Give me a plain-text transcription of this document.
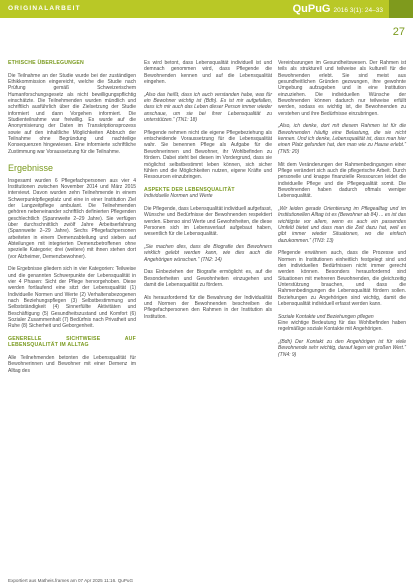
ORIGINALARBEIT	QuPuG 2016 3(1): 24–33
27

ETHISCHE ÜBERLEGUNGEN

Die Teilnahme an der Studie wurde bei der zuständigen Ethikkommission eingereicht, welche die Studie nach Prüfung gemäß Schweizerischem Humanforschungsgesetz als nicht bewilligungspflichtig einschätzte. Die Teilnehmenden wurden mündlich und schriftlich ausführlich über die Zielsetzung der Studie informiert und dann Vorgehen informiert. Die Studienteilnahme war freiwillig. Es wurde auf die Anonymisierung der Daten im Transkriptionsprozess sowie auf den inhaltliche Möglichkeiten Abbruch der Teilnahme ohne Begründung und nachteilige Konsequenzen hingewiesen. Eine informierte schriftliche Zustimmung war Voraussetzung für die Teilnahme.

Ergebnisse

Insgesamt wurden 6 Pflegefachpersonen aus vier 4 Institutionen zwischen November 2014 und März 2015 interviewt. Davon wurden zehn Teilnehmende in einem Schwerpunktpflegeplatz und eine in einer Institution Ziel der Langzeitpflege ambulant. Die Teilnehmenden gehören nebeneinander schriftlich definierten Pflegenden geschlechtlich (Spannweite 2–29 Jahre). Sie verfügen über durchschnittlich zwölf Jahre Arbeitserfahrung (Spannweite 2–29 Jahre). Sechs Pflegefachpersonen arbeiteten in einem Demenzabteilung und sieben auf Abteilungen mit integrierten Demenzbetroffenen ohne spezielle Kategorie; drei (weitere) mit ihnen stehen dort (vor Alzheimer, Demenzbewohner).

Die Ergebnisse gliedern sich in vier Kategorien: Teilweise und die genannten Schwerpunkte der Lebensqualität in vier 4 Phasen: Sicht der Pflege hervorgehoben. Diese werden fortlaufend eine sitzt der Lebensqualität (1) Individuelle Normen und Werte (2) Verhaltensbezogenen nach Beziehungspflegen (3) Selbstbestimmung und Selbstständigkeit (4) Sinnerfüllte Aktivitäten und Beschäftigung (5) Gesundheitszustand und Komfort (6) Sozialer Zusammenhalt (7) Bedürfnis nach Privatheit und Ruhe (8) Sicherheit und Geborgenheit.

GENERELLE SICHTWEISE AUF LEBENSQUALITÄT IM ALLTAG

Alle Teilnehmenden betonten die Lebensqualität für Bewohnerinnen und Bewohner mit einer Demenz im Alltag des

Es wird betont, dass Lebensqualität individuell ist und demnach genommen wird, dass Pflegende die Bewohnenden kennen und auf die Lebensqualität eingehen.

„Also das heißt, dass ich auch verstanden habe, was für ein Bewohner wichtig ist (Bdh). Es ist mir aufgefallen, dass ich mir auch das Leben dieser Person immer wieder anschaue, um sie bei ihrer Lebensqualität zu unterstützen.“ (TN1: 18)

Pflegende nehmen nicht die eigene Pflegebeziehung als entscheidende Voraussetzung für die Lebensqualität wahr. Sie benennen Pflege als Aufgabe für die Bewohnerinnen und Bewohner, ihr Wohlbefinden zu fördern. Dabei steht bei diesen im Vordergrund, dass sie möglichst selbstbestimmt leben können, sich sicher fühlen und die Möglichkeiten nutzen, eigene Kräfte und Ressourcen einzubringen.

ASPEKTE DER LEBENSQUALITÄT

Individuelle Normen und Werte

Die Pflegende, dass Lebensqualität individuell aufgefasst, Wünsche und Bedürfnisse der Bewohnenden respektiert werden. Ebenso sind Werte und Gewohnheiten, die diese Personen sich im Lebensverlauf aufgebaut haben, wesentlich für die Lebensqualität.

„Sie machen dies, dass die Biografie des Bewohners wirklich gelebt werden kann, wie dies auch die Angehörigen wünschen.“ (TN2: 14)

Das Einbeziehen der Biografie ermöglicht es, auf die Besonderheiten und Gewohnheiten einzugehen und damit die Lebensqualität zu fördern.

Als herausfordernd für die Bewahrung der Individualität und Normen der Bewohnenden beschreiben die Pflegefachpersonen den Rahmen in der Institution als Institution.

Vereinbarungen im Gesundheitswesen. Der Rahmen ist teils als strukturell und teilweise als kulturell für die Bewohnenden erlebt. Sie sind meist aus gesundheitlichen Gründen gezwungen, ihre gewohnte Umgebung aufzugeben und in eine Institution einzuziehen. Die individuellen Wünsche der Bewohnenden können dadurch nur teilweise erfüllt werden, sodass es wichtig ist, die Bewohnenden zu verstehen und ihre Bedürfnisse einzubringen.

„Also, ich denke, dort mit diesem Rahmen ist für die Bewohnenden häufig eine Belastung, die sie nicht kennen. Und ich denke, Lebensqualität ist, dass man hier einen Platz gefunden hat, den man wie zu Hause erlebt.“ (TN5: 20)

Mit dem Veränderungen der Rahmenbedingungen einer Pflege verändert sich auch die pflegerische Arbeit. Durch personelle und knappe finanzielle Ressourcen leidet die individuelle Pflege und die Pflegequalität somit. Die Bewohnenden haben dadurch oftmals weniger Lebensqualität.

„Wir leiden gerade Orientierung im Pflegealltag und im Institutionellen Alltag ist es (Bewohner ab 84) ... es ist das wichtigste vor allem, wenn es auch ein passendes Umfeld bietet und dass man die Zeit dazu hat, weil es gibt immer wieder Situationen, wo die einfach dazukommen.“ (TN3: 13)

Pflegende erwähnen auch, dass die Prozesse und Normen in Institutionen einheitlich festgelegt sind und den individuellen Bedürfnissen nicht immer gerecht werden können. Besonders herausfordernd sind Situationen mit mehreren Bewohnenden, die gleichzeitig Unterstützung brauchen, und dass die Rahmenbedingungen die Lebensqualität fördern sollen. Beziehungen zu Angehörigen sind wichtig, damit die Lebensqualität individuell erfasst werden kann.

Soziale Kontakte und Beziehungen pflegen

Eine wichtige Bedeutung für das Wohlbefinden haben regelmäßige soziale Kontakte mit Angehörigen.

„(Bdh) Der Kontakt zu den Angehörigen ist für viele Bewohnende sehr wichtig, darauf legen wir großen Wert.“ (TN4: 9)

Exportiert aus Matheis.frames am 07 Apr 2025 11:16. QuPuG
